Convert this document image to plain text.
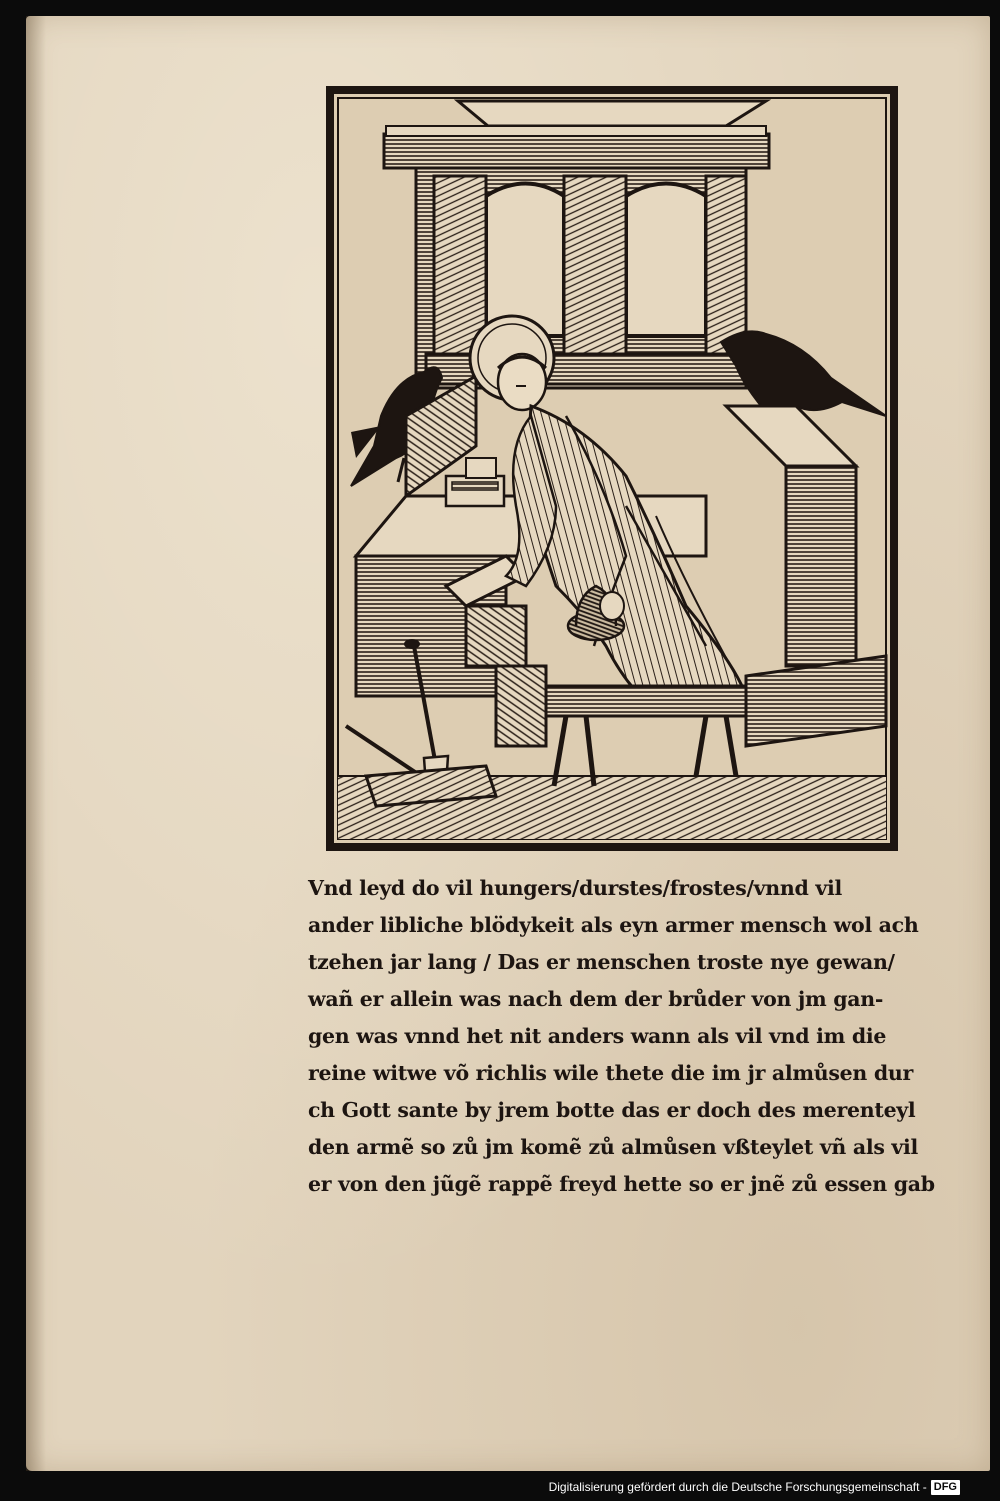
Vnd leyd do vil hungers/durstes/frostes/vnnd vil
ander libliche blödykeit als eyn armer mensch wol ach
tzehen jar lang / Das er menschen troste nye gewan/
wañ er allein was nach dem der brůder von jm gan-
gen was vnnd het nit anders wann als vil vnd im die
reine witwe võ richlis wile thete die im jr almůsen dur
ch Gott sante by jrem botte das er doch des merenteyl
den armẽ so zů jm komẽ zů almůsen vßteylet vñ als vil
er von den jũgẽ rappẽ freyd hette so er jnẽ zů essen gab
Digitalisierung gefördert durch die Deutsche Forschungsgemeinschaft - DFG
